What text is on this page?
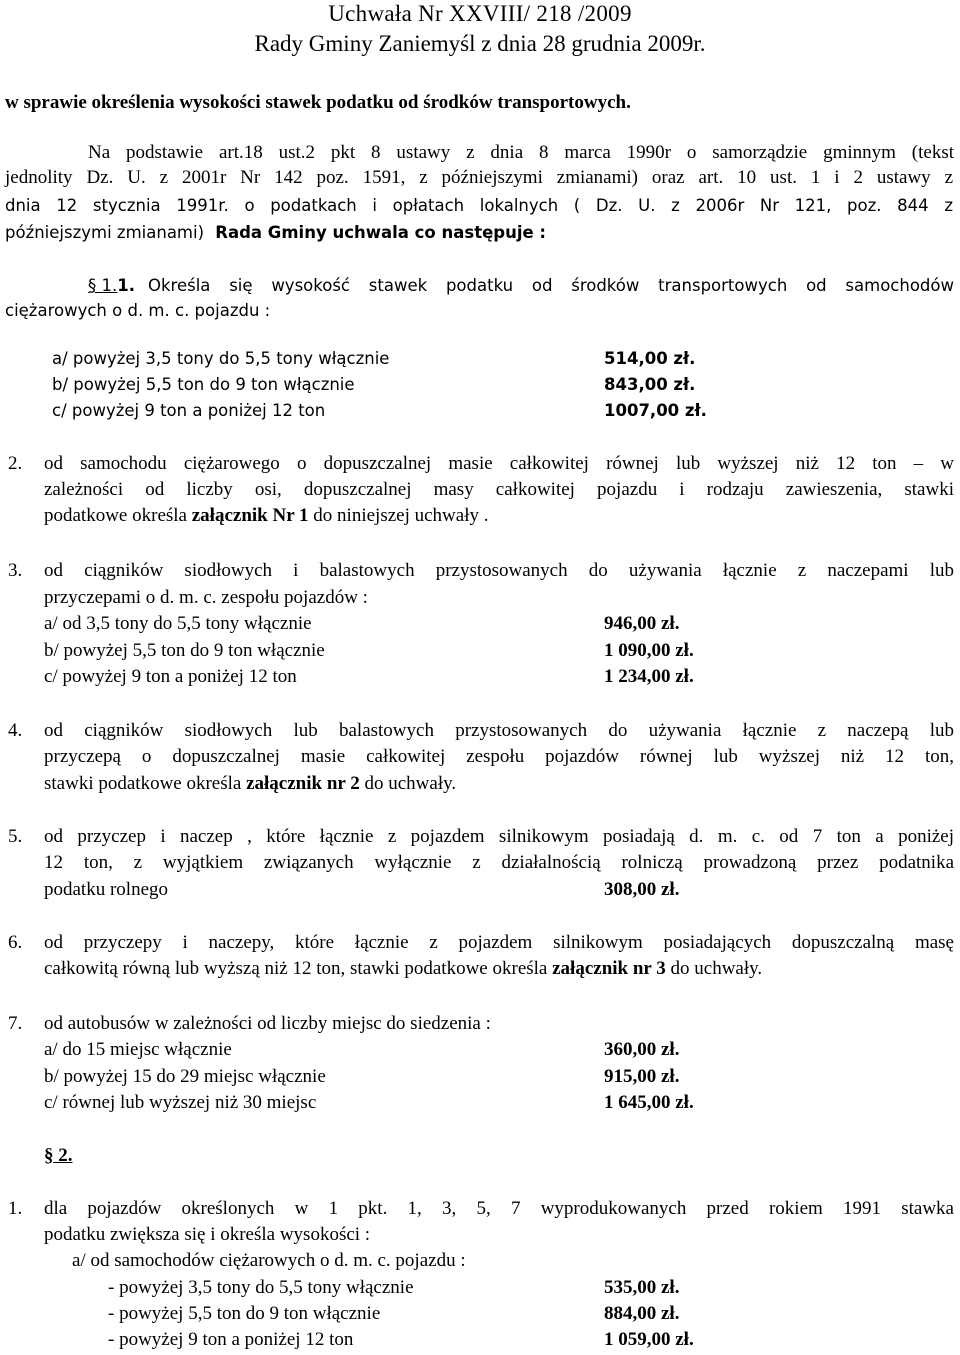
Uchwała Nr XXVIII/ 218 /2009
Rady Gminy Zaniemyśl z dnia 28 grudnia 2009r.
w sprawie określenia wysokości stawek podatku od środków transportowych.
Na podstawie art.18 ust.2 pkt 8 ustawy z dnia 8 marca 1990r o samorządzie gminnym (tekst
jednolity Dz. U. z 2001r Nr 142 poz. 1591, z późniejszymi zmianami) oraz art. 10 ust. 1 i 2 ustawy z
dnia 12 stycznia 1991r. o podatkach i opłatach lokalnych ( Dz. U. z 2006r Nr 121, poz. 844 z
późniejszymi zmianami) Rada Gminy uchwala co następuje :
§ 1.1. Określa się wysokość stawek podatku od środków transportowych od samochodów
ciężarowych o d. m. c. pojazdu :
a/ powyżej 3,5 tony do 5,5 tony włącznie	514,00 zł.
b/ powyżej 5,5 ton do 9 ton włącznie	843,00 zł.
c/ powyżej 9 ton a poniżej 12 ton	1007,00 zł.
2. od samochodu ciężarowego o dopuszczalnej masie całkowitej równej lub wyższej niż 12 ton – w
zależności od liczby osi, dopuszczalnej masy całkowitej pojazdu i rodzaju zawieszenia, stawki
podatkowe określa załącznik Nr 1 do niniejszej uchwały .
3. od ciągników siodłowych i balastowych przystosowanych do używania łącznie z naczepami lub
przyczepami o d. m. c. zespołu pojazdów :
a/ od 3,5 tony do 5,5 tony włącznie	946,00 zł.
b/ powyżej 5,5 ton do 9 ton włącznie	1 090,00 zł.
c/ powyżej 9 ton a poniżej 12 ton	1 234,00 zł.
4. od ciągników siodłowych lub balastowych przystosowanych do używania łącznie z naczepą lub
przyczepą o dopuszczalnej masie całkowitej zespołu pojazdów równej lub wyższej niż 12 ton,
stawki podatkowe określa załącznik nr 2 do uchwały.
5. od przyczep i naczep , które łącznie z pojazdem silnikowym posiadają d. m. c. od 7 ton a poniżej
12 ton, z wyjątkiem związanych wyłącznie z działalnością rolniczą prowadzoną przez podatnika
podatku rolnego	308,00 zł.
6. od przyczepy i naczepy, które łącznie z pojazdem silnikowym posiadających dopuszczalną masę
całkowitą równą lub wyższą niż 12 ton, stawki podatkowe określa załącznik nr 3 do uchwały.
7. od autobusów w zależności od liczby miejsc do siedzenia :
a/ do 15 miejsc włącznie	360,00 zł.
b/ powyżej 15 do 29 miejsc włącznie	915,00 zł.
c/ równej lub wyższej niż 30 miejsc	1 645,00 zł.
§ 2.
1. dla pojazdów określonych w 1 pkt. 1, 3, 5, 7 wyprodukowanych przed rokiem 1991 stawka
podatku zwiększa się i określa wysokości :
a/ od samochodów ciężarowych o d. m. c. pojazdu :
- powyżej 3,5 tony do 5,5 tony włącznie	535,00 zł.
- powyżej 5,5 ton do 9 ton włącznie	884,00 zł.
- powyżej 9 ton a poniżej 12 ton	1 059,00 zł.
